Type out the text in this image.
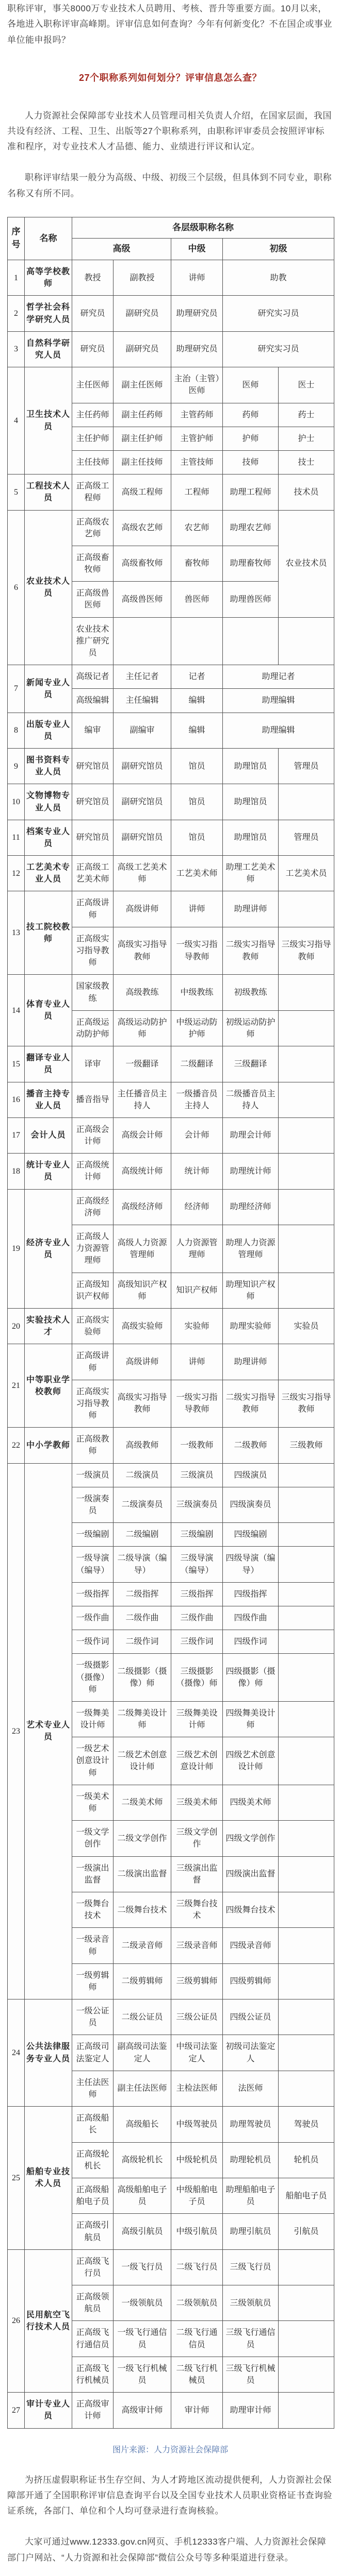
职称评审，事关8000万专业技术人员聘用、考核、晋升等重要方面。10月以来，各地进入职称评审高峰期。评审信息如何查询？今年有何新变化？不在国企或事业单位能申报吗？

27个职称系列如何划分？评审信息怎么查？

人力资源社会保障部专业技术人员管理司相关负责人介绍，在国家层面，我国共设有经济、工程、卫生、出版等27个职称系列，由职称评审委员会按照评审标准和程序，对专业技术人才品德、能力、业绩进行评议和认定。

职称评审结果一般分为高级、中级、初级三个层级，但具体到不同专业，职称名称又有所不同。

序号	名称	各层级职称名称				
		高级		中级	初级	
1	高等学校教师	教授	副教授	讲师	助教	
2	哲学社会科学研究人员	研究员	副研究员	助理研究员	研究实习员	
3	自然科学研究人员	研究员	副研究员	助理研究员	研究实习员	
4	卫生技术人员	主任医师	副主任医师	主治（主管）医师	医师	医士
		主任药师	副主任药师	主管药师	药师	药士
		主任护师	副主任护师	主管护师	护师	护士
		主任技师	副主任技师	主管技师	技师	技士
5	工程技术人员	正高级工程师	高级工程师	工程师	助理工程师	技术员
6	农业技术人员	正高级农艺师	高级农艺师	农艺师	助理农艺师	农业技术员
		正高级畜牧师	高级畜牧师	畜牧师	助理畜牧师	
		正高级兽医师	高级兽医师	兽医师	助理兽医师	
		农业技术推广研究员				
7	新闻专业人员	高级记者	主任记者	记者	助理记者	
		高级编辑	主任编辑	编辑	助理编辑	
8	出版专业人员	编审	副编审	编辑	助理编辑	
9	图书资料专业人员	研究馆员	副研究馆员	馆员	助理馆员	管理员
10	文物博物专业人员	研究馆员	副研究馆员	馆员	助理馆员	
11	档案专业人员	研究馆员	副研究馆员	馆员	助理馆员	管理员
12	工艺美术专业人员	正高级工艺美术师	高级工艺美术师	工艺美术师	助理工艺美术师	工艺美术员
13	技工院校教师	正高级讲师	高级讲师	讲师	助理讲师	
		正高级实习指导教师	高级实习指导教师	一级实习指导教师	二级实习指导教师	三级实习指导教师
14	体育专业人员	国家级教练	高级教练	中级教练	初级教练	
		正高级运动防护师	高级运动防护师	中级运动防护师	初级运动防护师	
15	翻译专业人员	译审	一级翻译	二级翻译	三级翻译	
16	播音主持专业人员	播音指导	主任播音员主持人	一级播音员主持人	二级播音员主持人	
17	会计人员	正高级会计师	高级会计师	会计师	助理会计师	
18	统计专业人员	正高级统计师	高级统计师	统计师	助理统计师	
19	经济专业人员	正高级经济师	高级经济师	经济师	助理经济师	
		正高级人力资源管理师	高级人力资源管理师	人力资源管理师	助理人力资源管理师	
		正高级知识产权师	高级知识产权师	知识产权师	助理知识产权师	
20	实验技术人才	正高级实验师	高级实验师	实验师	助理实验师	实验员
21	中等职业学校教师	正高级讲师	高级讲师	讲师	助理讲师	
		正高级实习指导教师	高级实习指导教师	一级实习指导教师	二级实习指导教师	三级实习指导教师
22	中小学教师	正高级教师	高级教师	一级教师	二级教师	三级教师
23	艺术专业人员	一级演员	二级演员	三级演员	四级演员	
		一级演奏员	二级演奏员	三级演奏员	四级演奏员	
		一级编剧	二级编剧	三级编剧	四级编剧	
		一级导演（编导）	二级导演（编导）	三级导演（编导）	四级导演（编导）	
		一级指挥	二级指挥	三级指挥	四级指挥	
		一级作曲	二级作曲	三级作曲	四级作曲	
		一级作词	二级作词	三级作词	四级作词	
		一级摄影（摄像）师	二级摄影（摄像）师	三级摄影（摄像）师	四级摄影（摄像）师	
		一级舞美设计师	二级舞美设计师	三级舞美设计师	四级舞美设计师	
		一级艺术创意设计师	二级艺术创意设计师	三级艺术创意设计师	四级艺术创意设计师	
		一级美术师	二级美术师	三级美术师	四级美术师	
		一级文学创作	二级文学创作	三级文学创作	四级文学创作	
		一级演出监督	二级演出监督	三级演出监督	四级演出监督	
		一级舞台技术	二级舞台技术	三级舞台技术	四级舞台技术	
		一级录音师	二级录音师	三级录音师	四级录音师	
		一级剪辑师	二级剪辑师	三级剪辑师	四级剪辑师	
24	公共法律服务专业人员	一级公证员	二级公证员	三级公证员	四级公证员	
		正高级司法鉴定人	副高级司法鉴定人	中级司法鉴定人	初级司法鉴定人	
		主任法医师	副主任法医师	主检法医师	法医师	
25	船舶专业技术人员	正高级船长	高级船长	中级驾驶员	助理驾驶员	驾驶员
		正高级轮机长	高级轮机长	中级轮机员	助理轮机员	轮机员
		正高级船舶电子员	高级船舶电子员	中级船舶电子员	助理船舶电子员	船舶电子员
		正高级引航员	高级引航员	中级引航员	助理引航员	引航员
26	民用航空飞行技术人员	正高级飞行员	一级飞行员	二级飞行员	三级飞行员	
		正高级领航员	一级领航员	二级领航员	三级领航员	
		正高级飞行通信员	一级飞行通信员	二级飞行通信员	三级飞行通信员	
		正高级飞行机械员	一级飞行机械员	二级飞行机械员	三级飞行机械员	
27	审计专业人员	正高级审计师	高级审计师	审计师	助理审计师	
图片来源：人力资源社会保障部

为挤压虚假职称证书生存空间、为人才跨地区流动提供便利，人力资源社会保障部开通了全国职称评审信息查询平台以及全国专业技术人员职业资格证书查询验证系统，各部门、单位和个人均可登录进行查询核验。

大家可通过www.12333.gov.cn网页、手机12333客户端、人力资源社会保障部门户网站、“人力资源和社会保障部”微信公众号等多种渠道进行登录。
